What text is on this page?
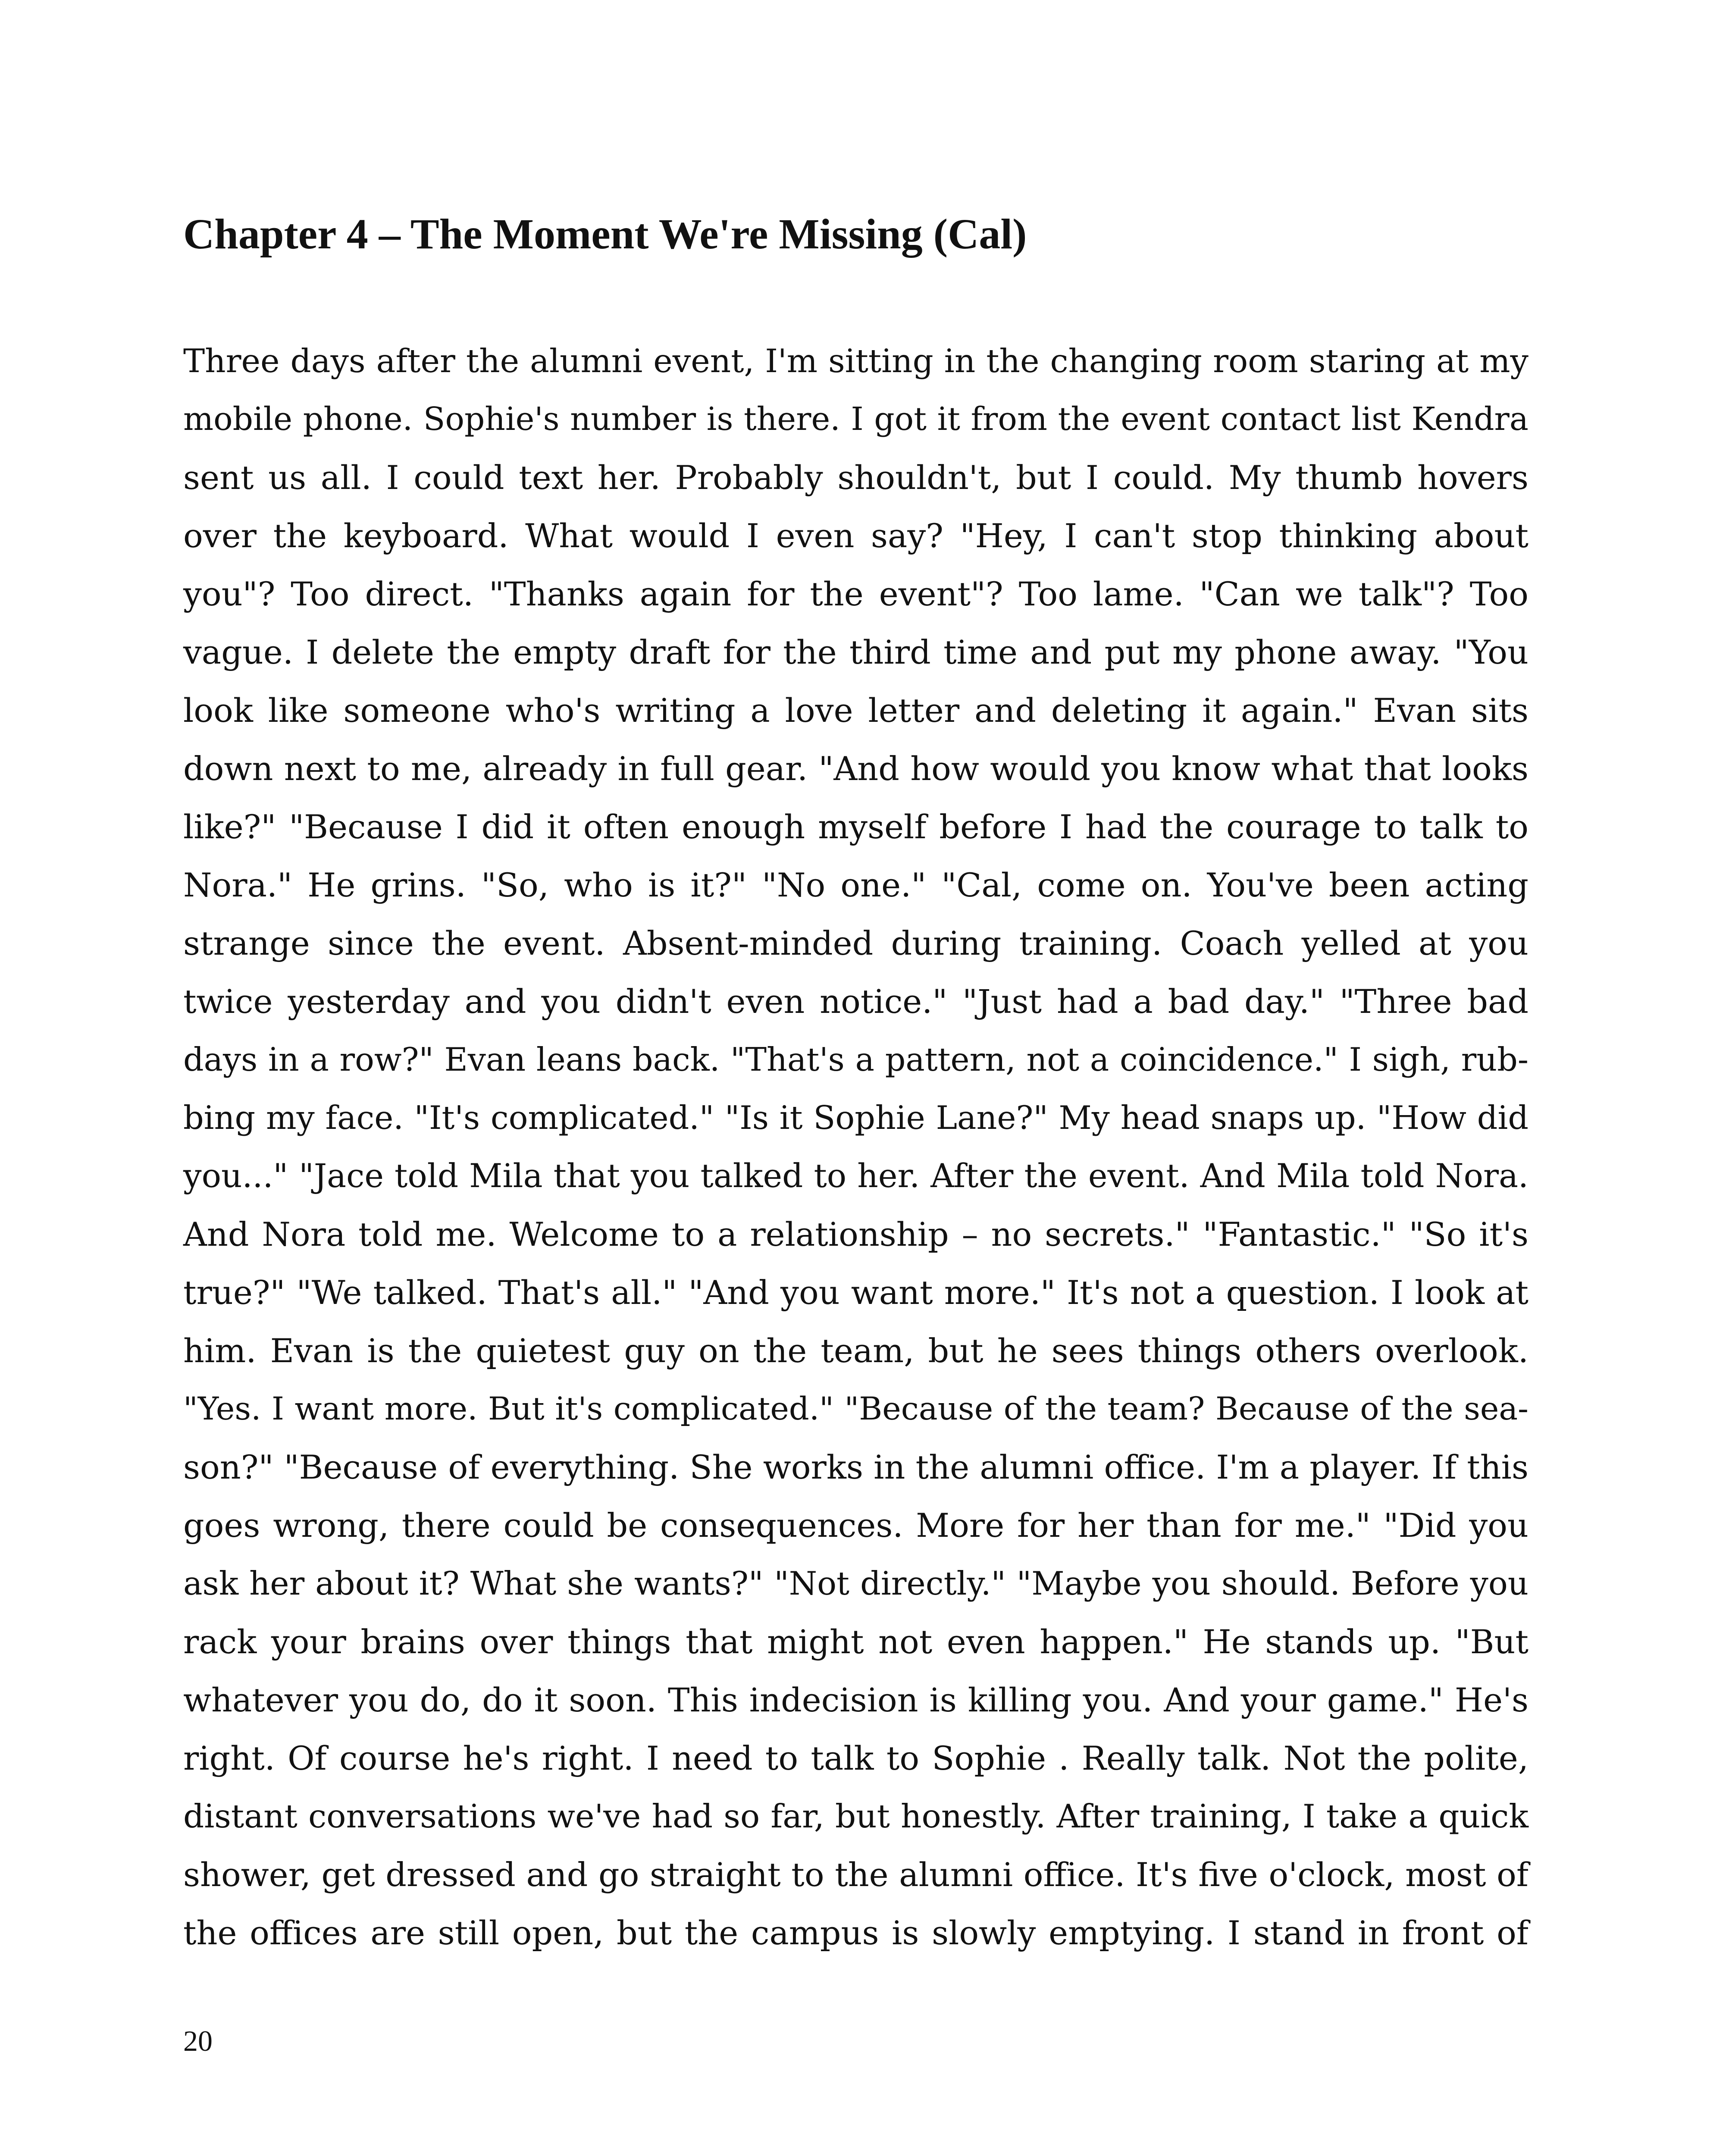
Chapter 4 – The Moment We're Missing (Cal)
Three days after the alumni event, I'm sitting in the changing room staring at my
mobile phone. Sophie's number is there. I got it from the event contact list Kendra
sent us all. I could text her. Probably shouldn't, but I could. My thumb hovers
over the keyboard. What would I even say? "Hey, I can't stop thinking about
you"? Too direct. "Thanks again for the event"? Too lame. "Can we talk"? Too
vague. I delete the empty draft for the third time and put my phone away. "You
look like someone who's writing a love letter and deleting it again." Evan sits
down next to me, already in full gear. "And how would you know what that looks
like?" "Because I did it often enough myself before I had the courage to talk to
Nora." He grins. "So, who is it?" "No one." "Cal, come on. You've been acting
strange since the event. Absent-minded during training. Coach yelled at you
twice yesterday and you didn't even notice." "Just had a bad day." "Three bad
days in a row?" Evan leans back. "That's a pattern, not a coincidence." I sigh, rub-
bing my face. "It's complicated." "Is it Sophie Lane?" My head snaps up. "How did
you..." "Jace told Mila that you talked to her. After the event. And Mila told Nora.
And Nora told me. Welcome to a relationship – no secrets." "Fantastic." "So it's
true?" "We talked. That's all." "And you want more." It's not a question. I look at
him. Evan is the quietest guy on the team, but he sees things others overlook.
"Yes. I want more. But it's complicated." "Because of the team? Because of the sea-
son?" "Because of everything. She works in the alumni office. I'm a player. If this
goes wrong, there could be consequences. More for her than for me." "Did you
ask her about it? What she wants?" "Not directly." "Maybe you should. Before you
rack your brains over things that might not even happen." He stands up. "But
whatever you do, do it soon. This indecision is killing you. And your game." He's
right. Of course he's right. I need to talk to Sophie . Really talk. Not the polite,
distant conversations we've had so far, but honestly. After training, I take a quick
shower, get dressed and go straight to the alumni office. It's five o'clock, most of
the offices are still open, but the campus is slowly emptying. I stand in front of
20
